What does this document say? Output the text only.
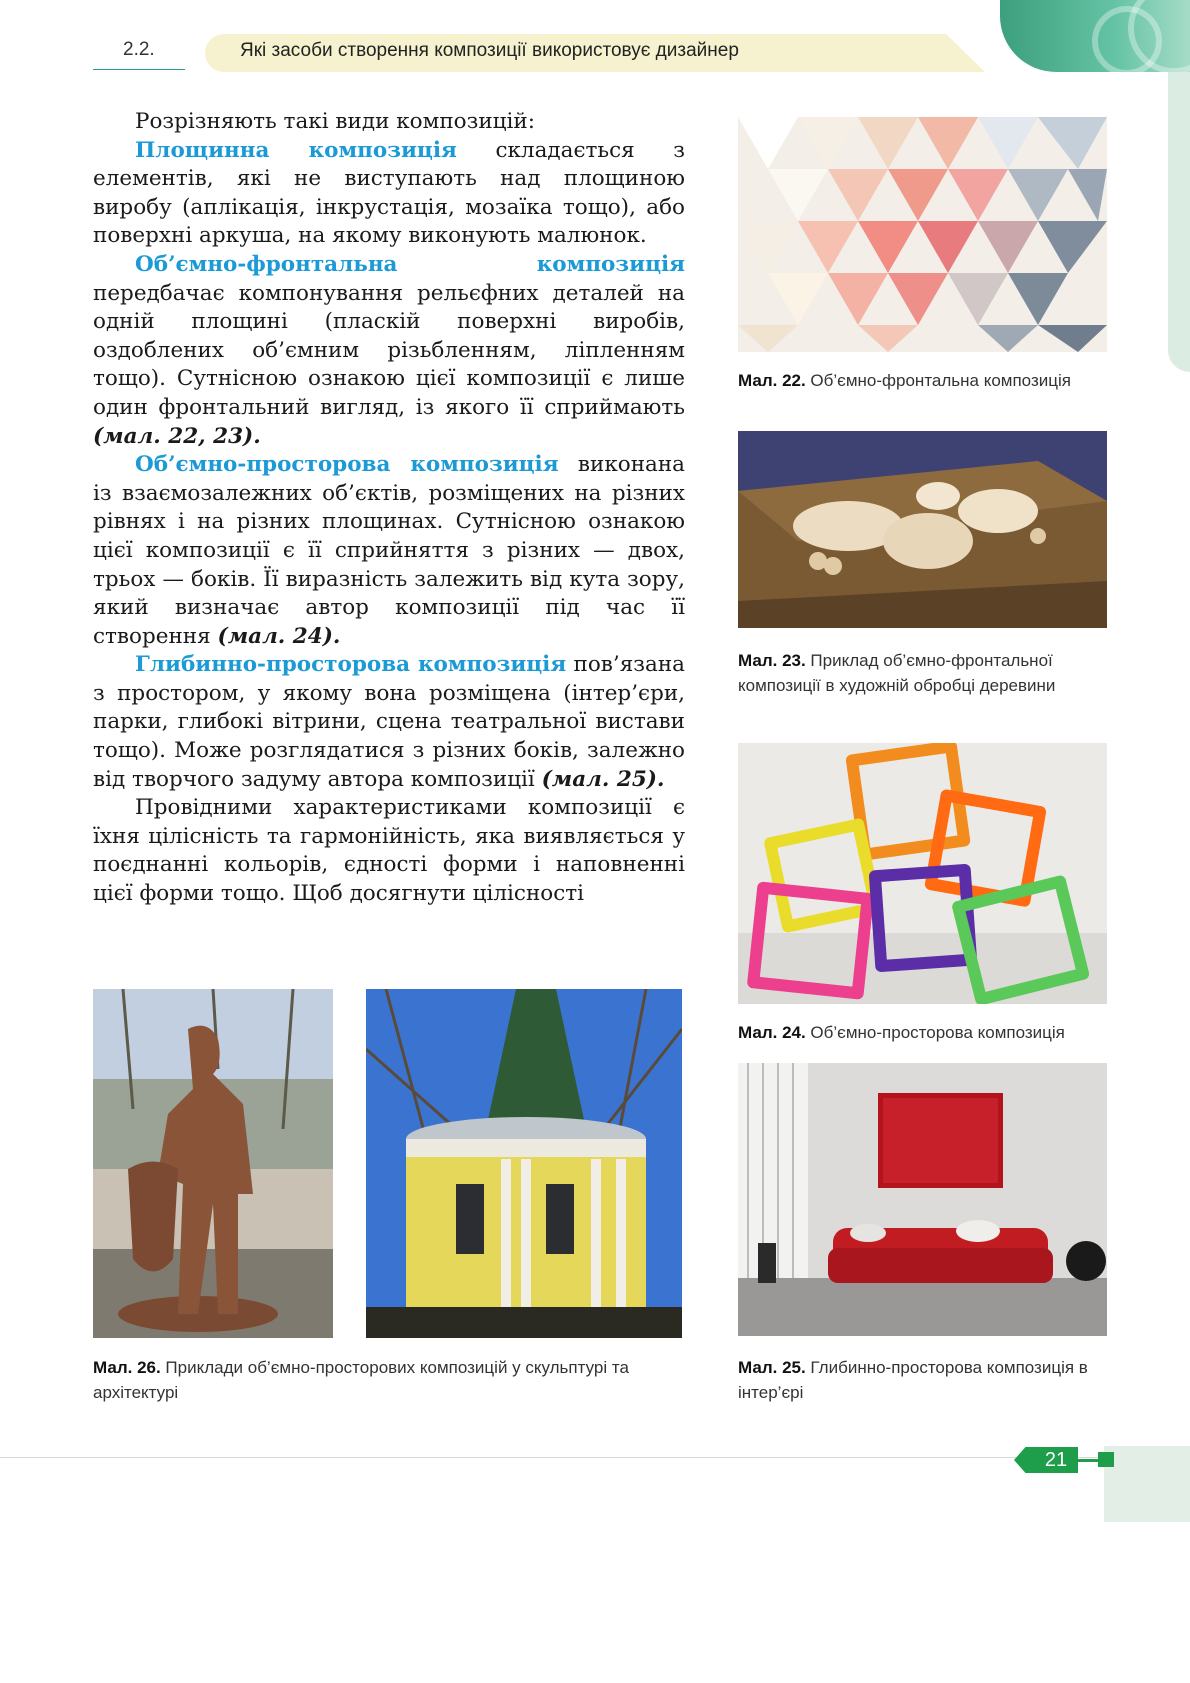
2.2.	Які засоби створення композиції використовує дизайнер

Розрізняють такі види композицій:

Площинна композиція складається з елементів, які не виступають над площиною виробу (аплікація, інкрустація, мозаїка тощо), або поверхні аркуша, на якому виконують малюнок.

Об’ємно-фронтальна композиція передбачає компонування рельєфних деталей на одній площині (пласкій поверхні виробів, оздоблених об’ємним різьбленням, ліпленням тощо). Сутнісною ознакою цієї композиції є лише один фронтальний вигляд, із якого її сприймають (мал. 22, 23).

Об’ємно-просторова композиція виконана із взаємозалежних об’єктів, розміщених на різних рівнях і на різних площинах. Сутнісною ознакою цієї композиції є її сприйняття з різних — двох, трьох — боків. Її виразність залежить від кута зору, який визначає автор композиції під час її створення (мал. 24).

Глибинно-просторова композиція пов’язана з простором, у якому вона розміщена (інтер’єри, парки, глибокі вітрини, сцена театральної вистави тощо). Може розглядатися з різних боків, залежно від творчого задуму автора композиції (мал. 25).

Провідними характеристиками композиції є їхня цілісність та гармонійність, яка виявляється у поєднанні кольорів, єдності форми і наповненні цієї форми тощо. Щоб досягнути цілісності

Мал. 22. Об’ємно-фронтальна композиція
Мал. 23. Приклад об’ємно-фронтальної композиції в художній обробці деревини
Мал. 24. Об’ємно-просторова композиція
Мал. 25. Глибинно-просторова композиція в інтер’єрі
Мал. 26. Приклади об’ємно-просторових композицій у скульптурі та архітектурі
21
